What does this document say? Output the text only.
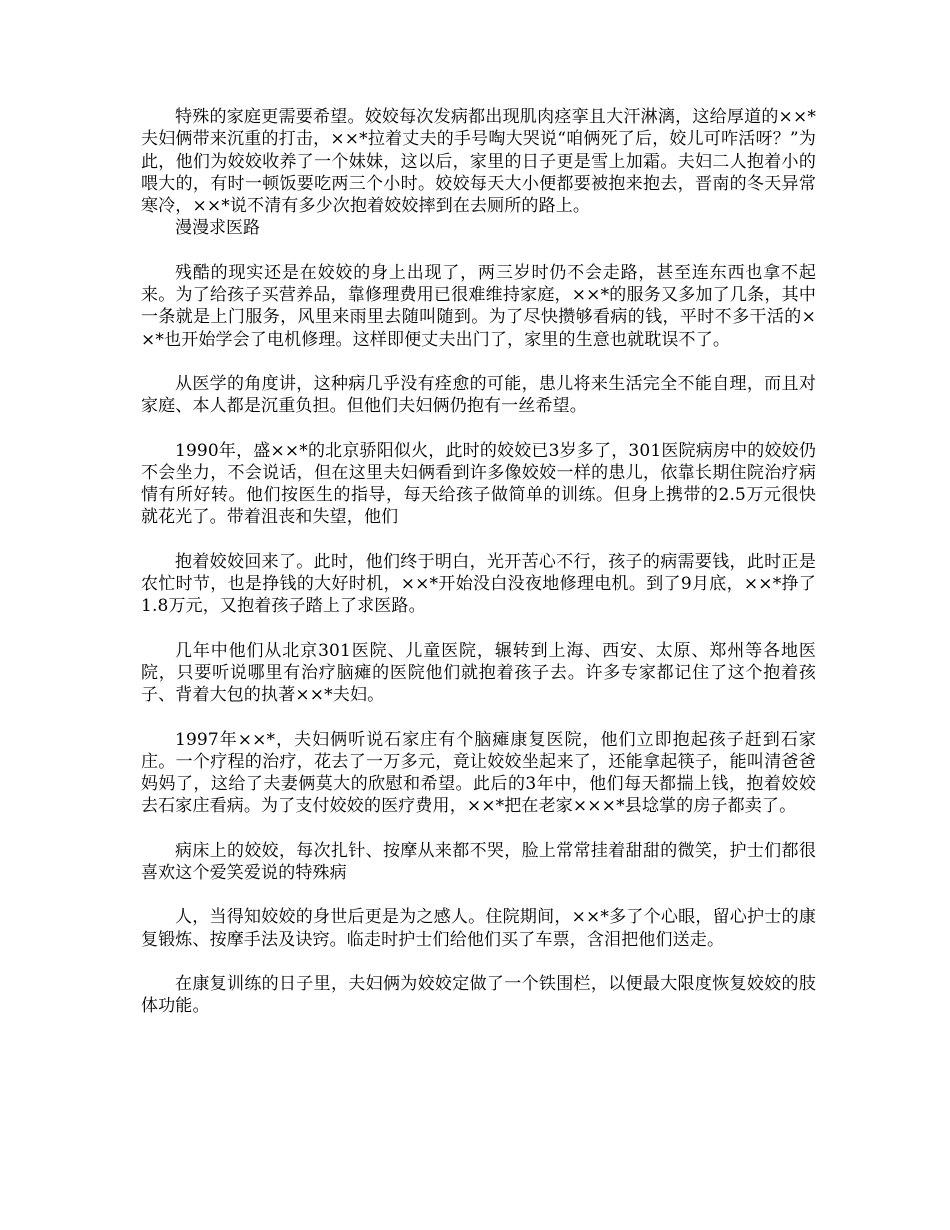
特殊的家庭更需要希望。姣姣每次发病都出现肌肉痉挛且大汗淋漓，这给厚道的××*夫妇俩带来沉重的打击，××*拉着丈夫的手号啕大哭说“咱俩死了后，姣儿可咋活呀？”为此，他们为姣姣收养了一个妹妹，这以后，家里的日子更是雪上加霜。夫妇二人抱着小的喂大的，有时一顿饭要吃两三个小时。姣姣每天大小便都要被抱来抱去，晋南的冬天异常寒冷，××*说不清有多少次抱着姣姣摔到在去厕所的路上。

漫漫求医路

残酷的现实还是在姣姣的身上出现了，两三岁时仍不会走路，甚至连东西也拿不起来。为了给孩子买营养品，靠修理费用已很难维持家庭，××*的服务又多加了几条，其中一条就是上门服务，风里来雨里去随叫随到。为了尽快攒够看病的钱，平时不多干活的××*也开始学会了电机修理。这样即便丈夫出门了，家里的生意也就耽误不了。

从医学的角度讲，这种病几乎没有痊愈的可能，患儿将来生活完全不能自理，而且对家庭、本人都是沉重负担。但他们夫妇俩仍抱有一丝希望。

1990年，盛××*的北京骄阳似火，此时的姣姣已3岁多了，301医院病房中的姣姣仍不会坐力，不会说话，但在这里夫妇俩看到许多像姣姣一样的患儿，依靠长期住院治疗病情有所好转。他们按医生的指导，每天给孩子做简单的训练。但身上携带的2.5万元很快就花光了。带着沮丧和失望，他们

抱着姣姣回来了。此时，他们终于明白，光开苦心不行，孩子的病需要钱，此时正是农忙时节，也是挣钱的大好时机，××*开始没白没夜地修理电机。到了9月底，××*挣了1.8万元，又抱着孩子踏上了求医路。

几年中他们从北京301医院、儿童医院，辗转到上海、西安、太原、郑州等各地医院，只要听说哪里有治疗脑瘫的医院他们就抱着孩子去。许多专家都记住了这个抱着孩子、背着大包的执著××*夫妇。

1997年××*，夫妇俩听说石家庄有个脑瘫康复医院，他们立即抱起孩子赶到石家庄。一个疗程的治疗，花去了一万多元，竟让姣姣坐起来了，还能拿起筷子，能叫清爸爸妈妈了，这给了夫妻俩莫大的欣慰和希望。此后的3年中，他们每天都揣上钱，抱着姣姣去石家庄看病。为了支付姣姣的医疗费用，××*把在老家×××*县埝掌的房子都卖了。

病床上的姣姣，每次扎针、按摩从来都不哭，脸上常常挂着甜甜的微笑，护士们都很喜欢这个爱笑爱说的特殊病

人，当得知姣姣的身世后更是为之感人。住院期间，××*多了个心眼，留心护士的康复锻炼、按摩手法及诀窍。临走时护士们给他们买了车票，含泪把他们送走。

在康复训练的日子里，夫妇俩为姣姣定做了一个铁围栏，以便最大限度恢复姣姣的肢体功能。
